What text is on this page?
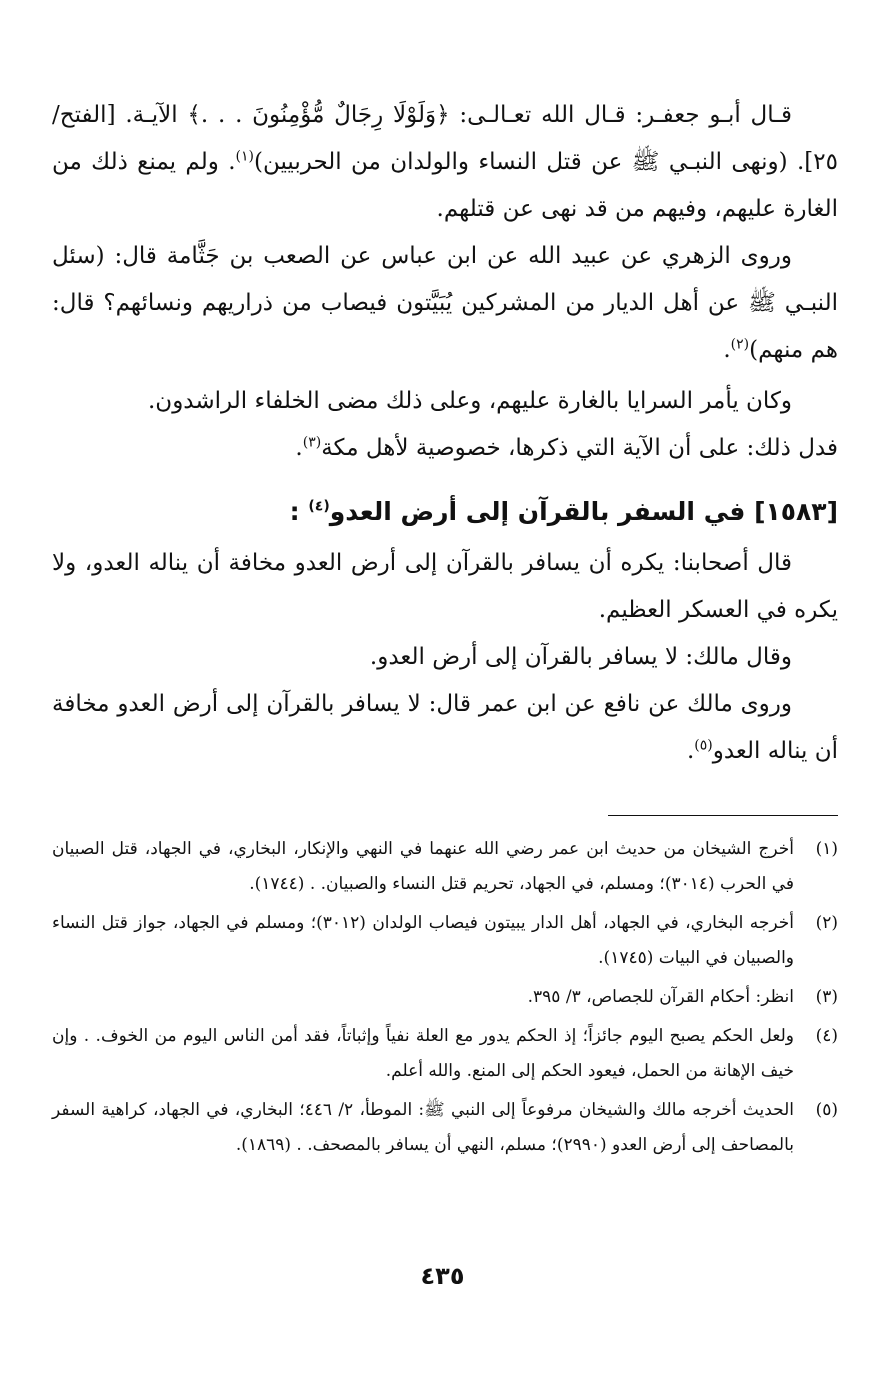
قـال أبـو جعفـر: قـال الله تعـالـى: ﴿وَلَوْلَا رِجَالٌ مُّؤْمِنُونَ . . .﴾ الآيـة. [الفتح/ ٢٥]. (ونهى النبـي ﷺ عن قتل النساء والولدان من الحربيين)$^{(١)}$. ولم يمنع ذلك من الغارة عليهم، وفيهم من قد نهى عن قتلهم.

وروى الزهري عن عبيد الله عن ابن عباس عن الصعب بن جَثَّامة قال: (سئل النبـي ﷺ عن أهل الديار من المشركين يُبَيَّتون فيصاب من ذراريهم ونسائهم؟ قال: هم منهم)$^{(٢)}$.

وكان يأمر السرايا بالغارة عليهم، وعلى ذلك مضى الخلفاء الراشدون.

فدل ذلك: على أن الآية التي ذكرها، خصوصية لأهل مكة$^{(٣)}$.

[١٥٨٣] في السفر بالقرآن إلى أرض العدو$^{(٤)}$ :

قال أصحابنا: يكره أن يسافر بالقرآن إلى أرض العدو مخافة أن يناله العدو، ولا يكره في العسكر العظيم.

وقال مالك: لا يسافر بالقرآن إلى أرض العدو.

وروى مالك عن نافع عن ابن عمر قال: لا يسافر بالقرآن إلى أرض العدو مخافة أن يناله العدو$^{(٥)}$.

(١)
أخرج الشيخان من حديث ابن عمر رضي الله عنهما في النهي والإنكار، البخاري، في الجهاد، قتل الصبيان في الحرب (٣٠١٤)؛ ومسلم، في الجهاد، تحريم قتل النساء والصبيان. . (١٧٤٤).
(٢)
أخرجه البخاري، في الجهاد، أهل الدار يبيتون فيصاب الولدان (٣٠١٢)؛ ومسلم في الجهاد، جواز قتل النساء والصبيان في البيات (١٧٤٥).
(٣)
انظر: أحكام القرآن للجصاص، ٣/ ٣٩٥.
(٤)
ولعل الحكم يصبح اليوم جائزاً؛ إذ الحكم يدور مع العلة نفياً وإثباتاً، فقد أمن الناس اليوم من الخوف. . وإن خيف الإهانة من الحمل، فيعود الحكم إلى المنع. والله أعلم.
(٥)
الحديث أخرجه مالك والشيخان مرفوعاً إلى النبي ﷺ: الموطأ، ٢/ ٤٤٦؛ البخاري، في الجهاد، كراهية السفر بالمصاحف إلى أرض العدو (٢٩٩٠)؛ مسلم، النهي أن يسافر بالمصحف. . (١٨٦٩).
٤٣٥
